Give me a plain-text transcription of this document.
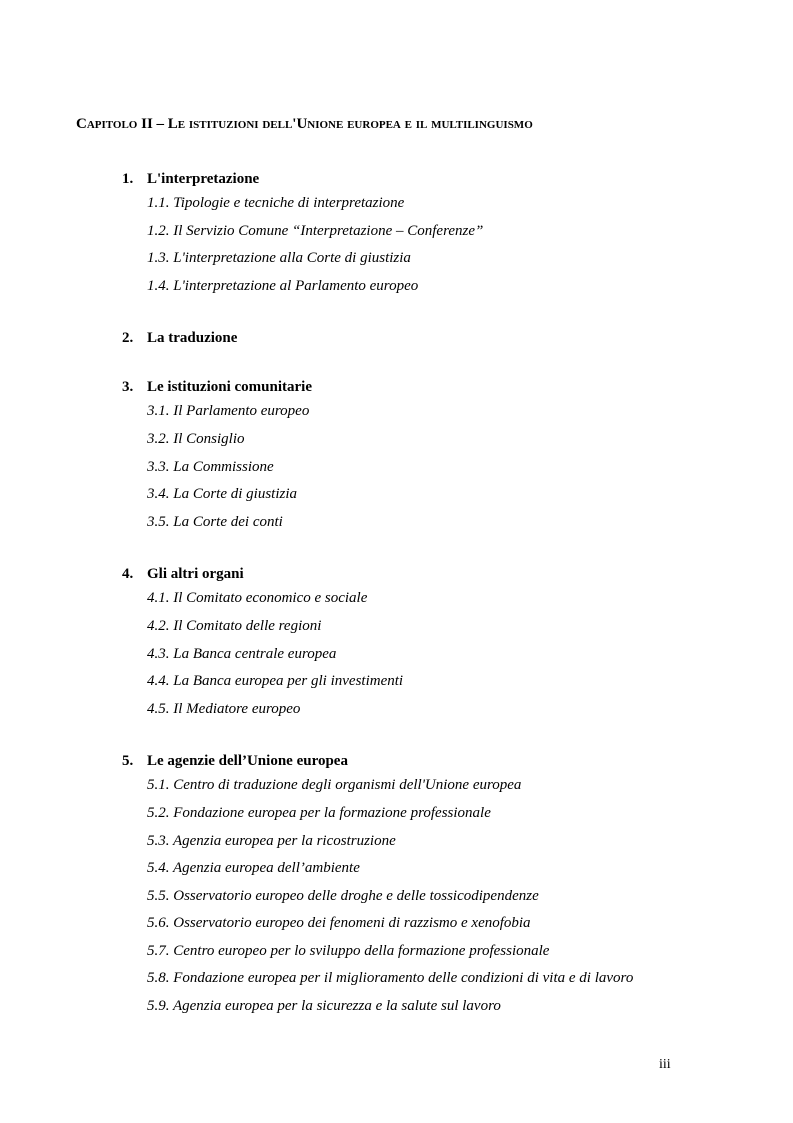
Capitolo II – Le istituzioni dell'Unione europea e il multilinguismo
1. L'interpretazione
1.1. Tipologie e tecniche di interpretazione
1.2. Il Servizio Comune “Interpretazione – Conferenze”
1.3. L'interpretazione alla Corte di giustizia
1.4. L'interpretazione al Parlamento europeo
2. La traduzione
3. Le istituzioni comunitarie
3.1. Il Parlamento europeo
3.2. Il Consiglio
3.3. La Commissione
3.4. La Corte di giustizia
3.5. La Corte dei conti
4. Gli altri organi
4.1. Il Comitato economico e sociale
4.2. Il Comitato delle regioni
4.3. La Banca centrale europea
4.4. La Banca europea per gli investimenti
4.5. Il Mediatore europeo
5. Le agenzie dell’Unione europea
5.1. Centro di traduzione degli organismi dell'Unione europea
5.2. Fondazione europea per la formazione professionale
5.3. Agenzia europea per la ricostruzione
5.4. Agenzia europea dell’ambiente
5.5. Osservatorio europeo delle droghe e delle tossicodipendenze
5.6. Osservatorio europeo dei fenomeni di razzismo e xenofobia
5.7. Centro europeo per lo sviluppo della formazione professionale
5.8. Fondazione europea per il miglioramento delle condizioni di vita e di lavoro
5.9. Agenzia europea per la sicurezza e la salute sul lavoro
iii
